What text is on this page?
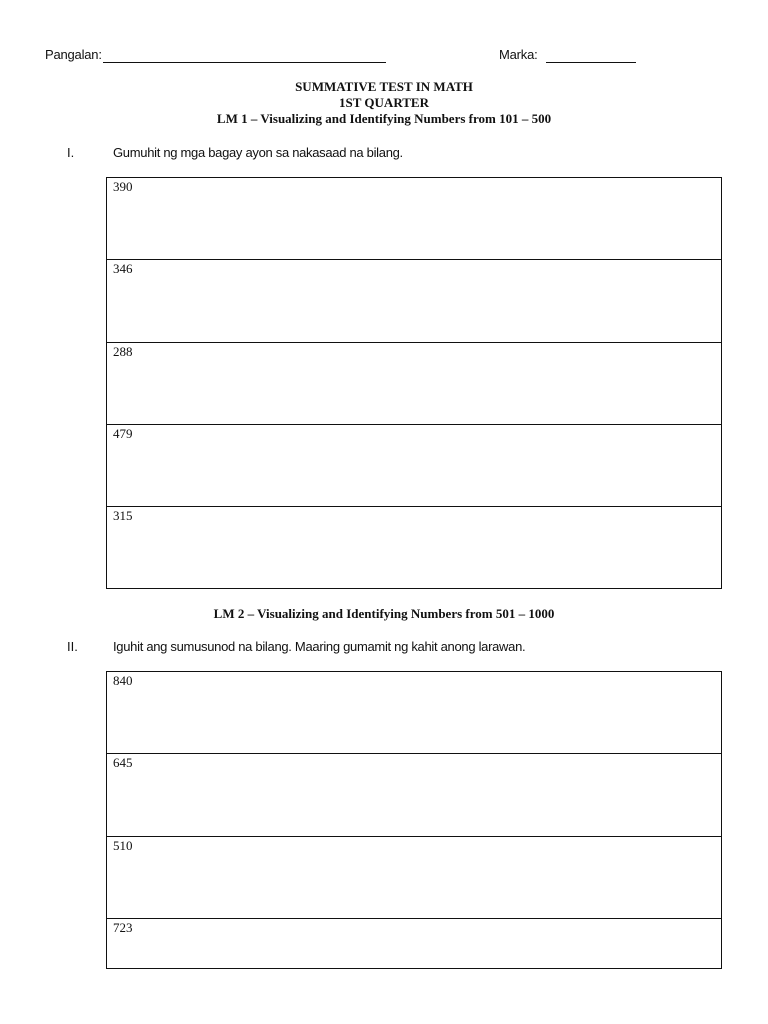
Pangalan:	Marka:
SUMMATIVE TEST IN MATH
1ST QUARTER
LM 1 – Visualizing and Identifying Numbers from 101 – 500
I.	Gumuhit ng mga bagay ayon sa nakasaad na bilang.
390
346
288
479
315
LM 2 – Visualizing and Identifying Numbers from 501 – 1000
II.	Iguhit ang sumusunod na bilang. Maaring gumamit ng kahit anong larawan.
840
645
510
723
